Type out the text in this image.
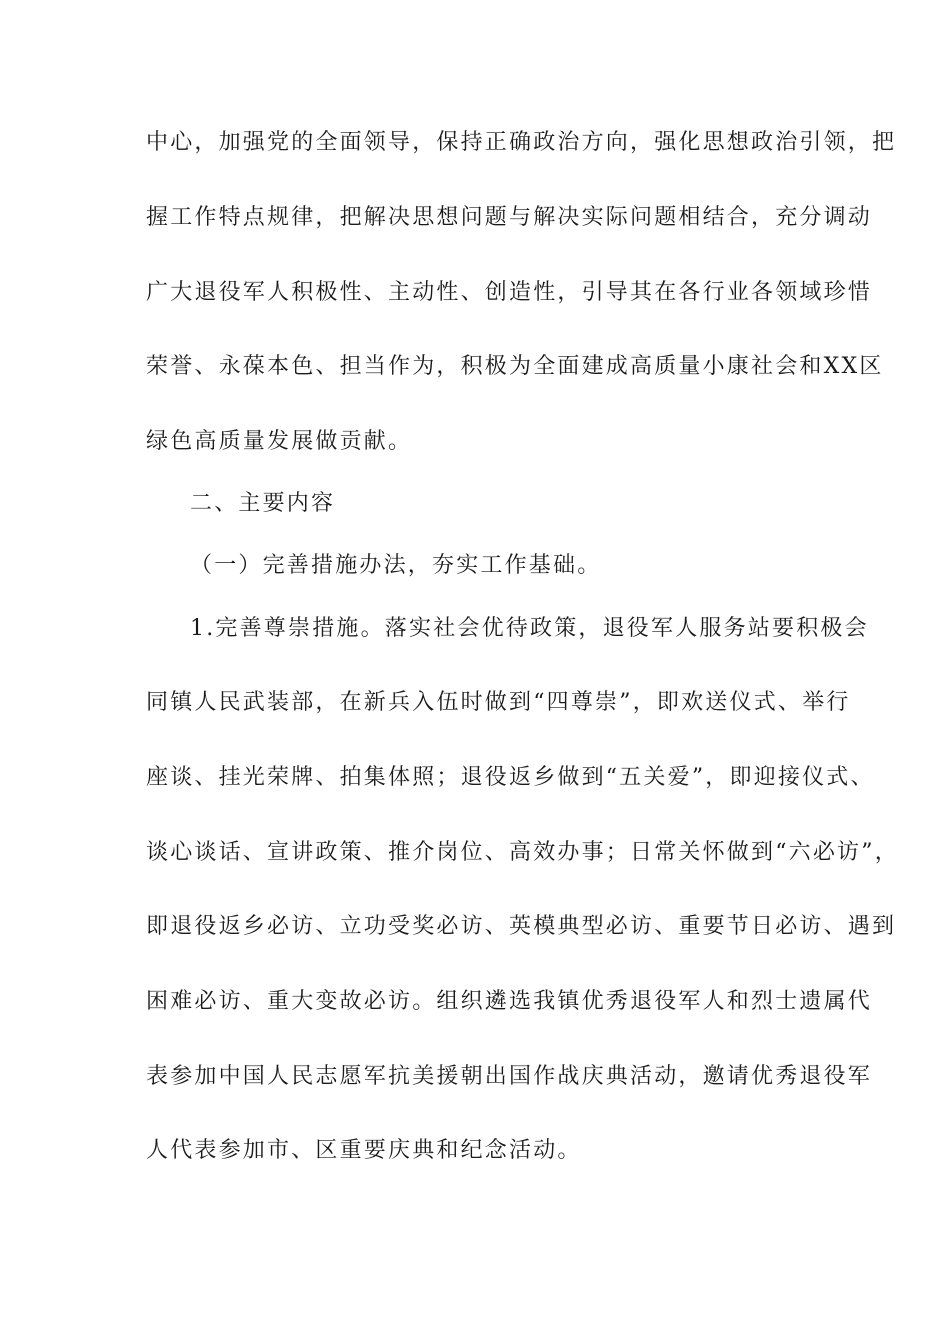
中心，加强党的全面领导，保持正确政治方向，强化思想政治引领，把
握工作特点规律，把解决思想问题与解决实际问题相结合，充分调动
广大退役军人积极性、主动性、创造性，引导其在各行业各领域珍惜
荣誉、永葆本色、担当作为，积极为全面建成高质量小康社会和XX区
绿色高质量发展做贡献。
二、主要内容
（一）完善措施办法，夯实工作基础。
1.完善尊崇措施。落实社会优待政策，退役军人服务站要积极会
同镇人民武装部，在新兵入伍时做到“四尊崇”，即欢送仪式、举行
座谈、挂光荣牌、拍集体照；退役返乡做到“五关爱”，即迎接仪式、
谈心谈话、宣讲政策、推介岗位、高效办事；日常关怀做到“六必访”，
即退役返乡必访、立功受奖必访、英模典型必访、重要节日必访、遇到
困难必访、重大变故必访。组织遴选我镇优秀退役军人和烈士遗属代
表参加中国人民志愿军抗美援朝出国作战庆典活动，邀请优秀退役军
人代表参加市、区重要庆典和纪念活动。
